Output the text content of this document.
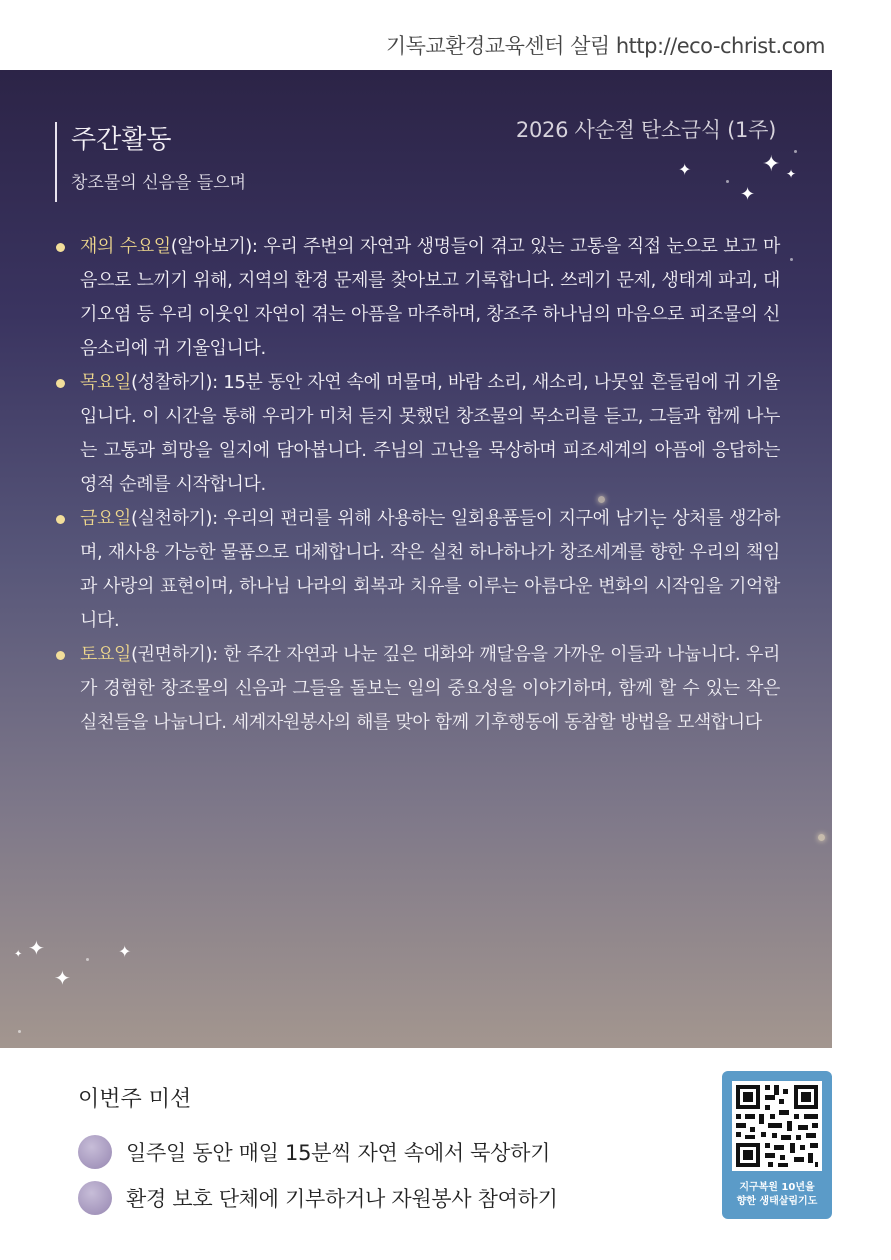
기독교환경교육센터 살림 http://eco-christ.com
✦	✦ ✦
✦
✦
✦	✦
✦
주간활동
창조물의 신음을 들으며
2026 사순절 탄소금식 (1주)
재의 수요일(알아보기): 우리 주변의 자연과 생명들이 겪고 있는 고통을 직접 눈으로 보고 마음으로 느끼기 위해, 지역의 환경 문제를 찾아보고 기록합니다. 쓰레기 문제, 생태계 파괴, 대기오염 등 우리 이웃인 자연이 겪는 아픔을 마주하며, 창조주 하나님의 마음으로 피조물의 신음소리에 귀 기울입니다.
목요일(성찰하기): 15분 동안 자연 속에 머물며, 바람 소리, 새소리, 나뭇잎 흔들림에 귀 기울입니다. 이 시간을 통해 우리가 미처 듣지 못했던 창조물의 목소리를 듣고, 그들과 함께 나누는 고통과 희망을 일지에 담아봅니다. 주님의 고난을 묵상하며 피조세계의 아픔에 응답하는 영적 순례를 시작합니다.
금요일(실천하기): 우리의 편리를 위해 사용하는 일회용품들이 지구에 남기는 상처를 생각하며, 재사용 가능한 물품으로 대체합니다. 작은 실천 하나하나가 창조세계를 향한 우리의 책임과 사랑의 표현이며, 하나님 나라의 회복과 치유를 이루는 아름다운 변화의 시작임을 기억합니다.
토요일(권면하기): 한 주간 자연과 나눈 깊은 대화와 깨달음을 가까운 이들과 나눕니다. 우리가 경험한 창조물의 신음과 그들을 돌보는 일의 중요성을 이야기하며, 함께 할 수 있는 작은 실천들을 나눕니다. 세계자원봉사의 해를 맞아 함께 기후행동에 동참할 방법을 모색합니다
이번주 미션
일주일 동안 매일 15분씩 자연 속에서 묵상하기
환경 보호 단체에 기부하거나 자원봉사 참여하기	지구복원 10년을
향한 생태살림기도
